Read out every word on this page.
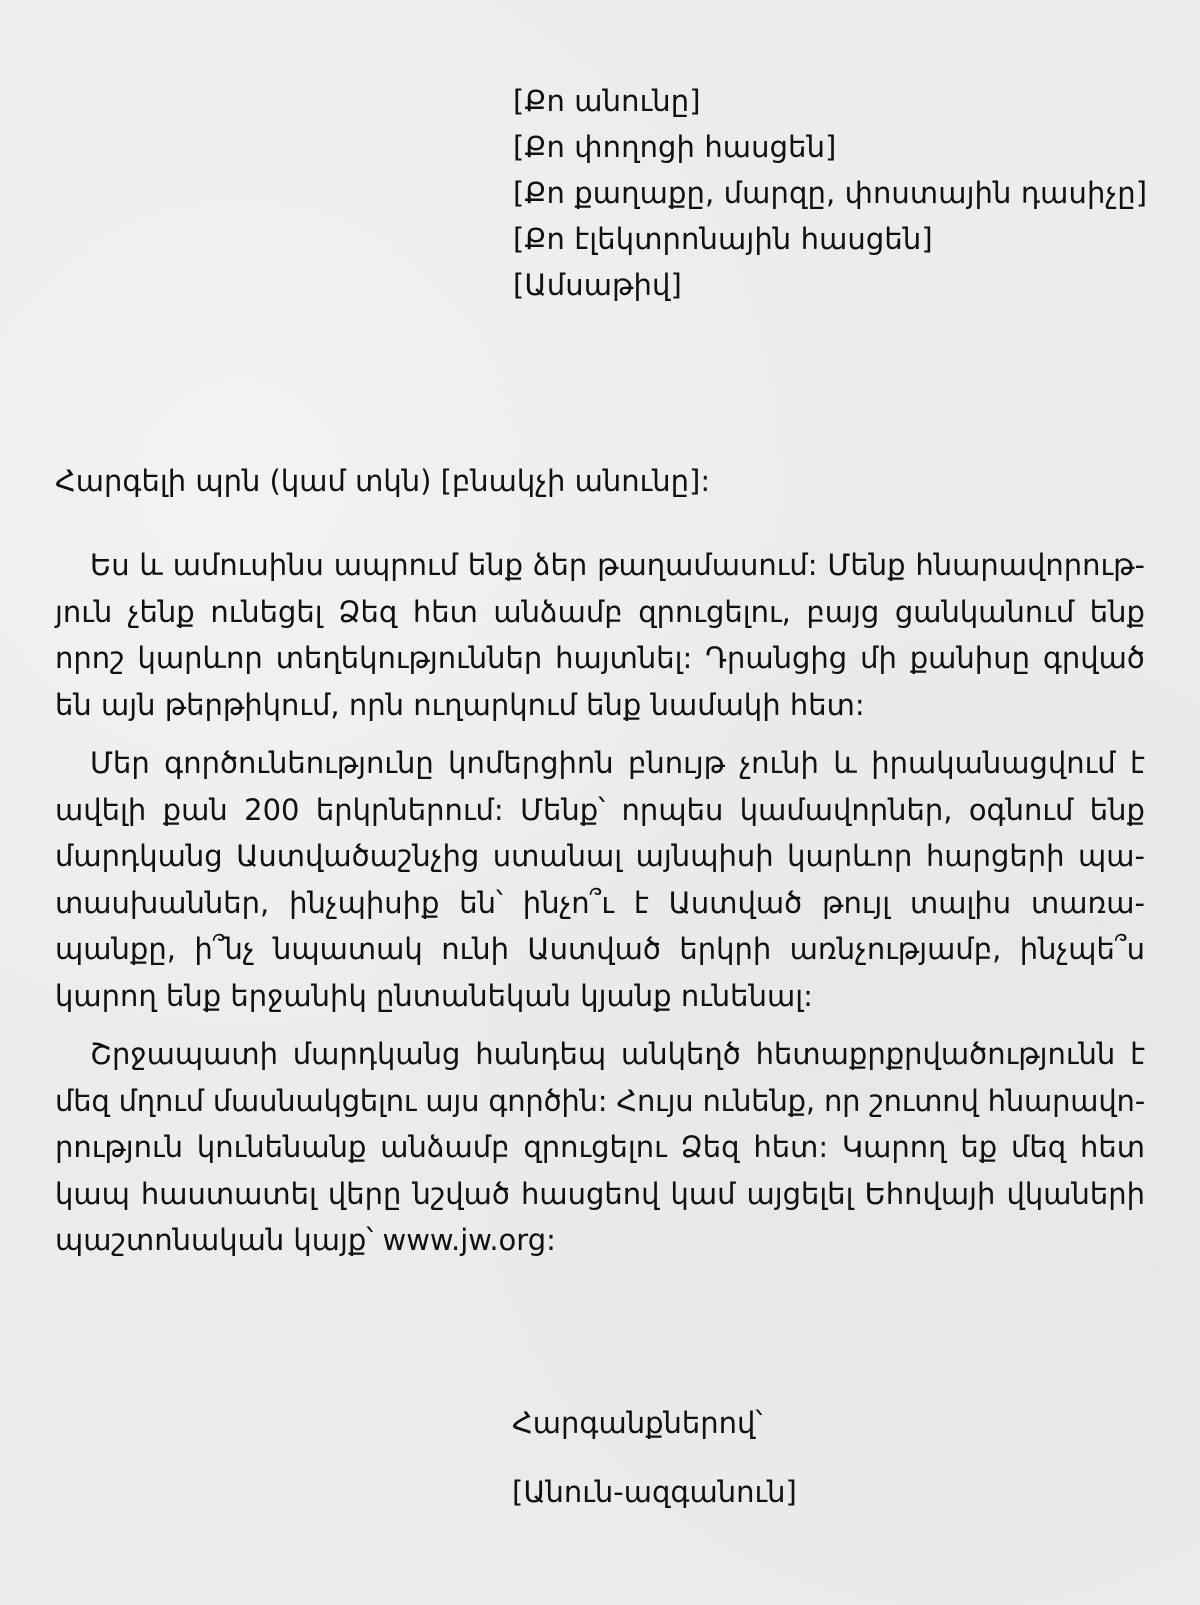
[Քո անունը]
[Քո փողոցի հասցեն]
[Քո քաղաքը, մարզը, փոստային դասիչը]
[Քո էլեկտրոնային հասցեն]
[Ամսաթիվ]
Հարգելի պրն (կամ տկն) [բնակչի անունը]:
Ես և ամուսինս ապրում ենք ձեր թաղամասում: Մենք հնարավորութ-
յուն չենք ունեցել Ձեզ հետ անձամբ զրուցելու, բայց ցանկանում ենք
որոշ կարևոր տեղեկություններ հայտնել: Դրանցից մի քանիսը գրված
են այն թերթիկում, որն ուղարկում ենք նամակի հետ:
Մեր գործունեությունը կոմերցիոն բնույթ չունի և իրականացվում է
ավելի քան 200 երկրներում: Մենք՝ որպես կամավորներ, օգնում ենք
մարդկանց Աստվածաշնչից ստանալ այնպիսի կարևոր հարցերի պա-
տասխաններ, ինչպիսիք են՝ ինչո՞ւ է Աստված թույլ տալիս տառա-
պանքը, ի՞նչ նպատակ ունի Աստված երկրի առնչությամբ, ինչպե՞ս
կարող ենք երջանիկ ընտանեկան կյանք ունենալ:
Շրջապատի մարդկանց հանդեպ անկեղծ հետաքրքրվածությունն է
մեզ մղում մասնակցելու այս գործին: Հույս ունենք, որ շուտով հնարավո-
րություն կունենանք անձամբ զրուցելու Ձեզ հետ: Կարող եք մեզ հետ
կապ հաստատել վերը նշված հասցեով կամ այցելել Եհովայի վկաների
պաշտոնական կայք՝ www.jw.org:
Հարգանքներով՝
[Անուն-ազգանուն]
